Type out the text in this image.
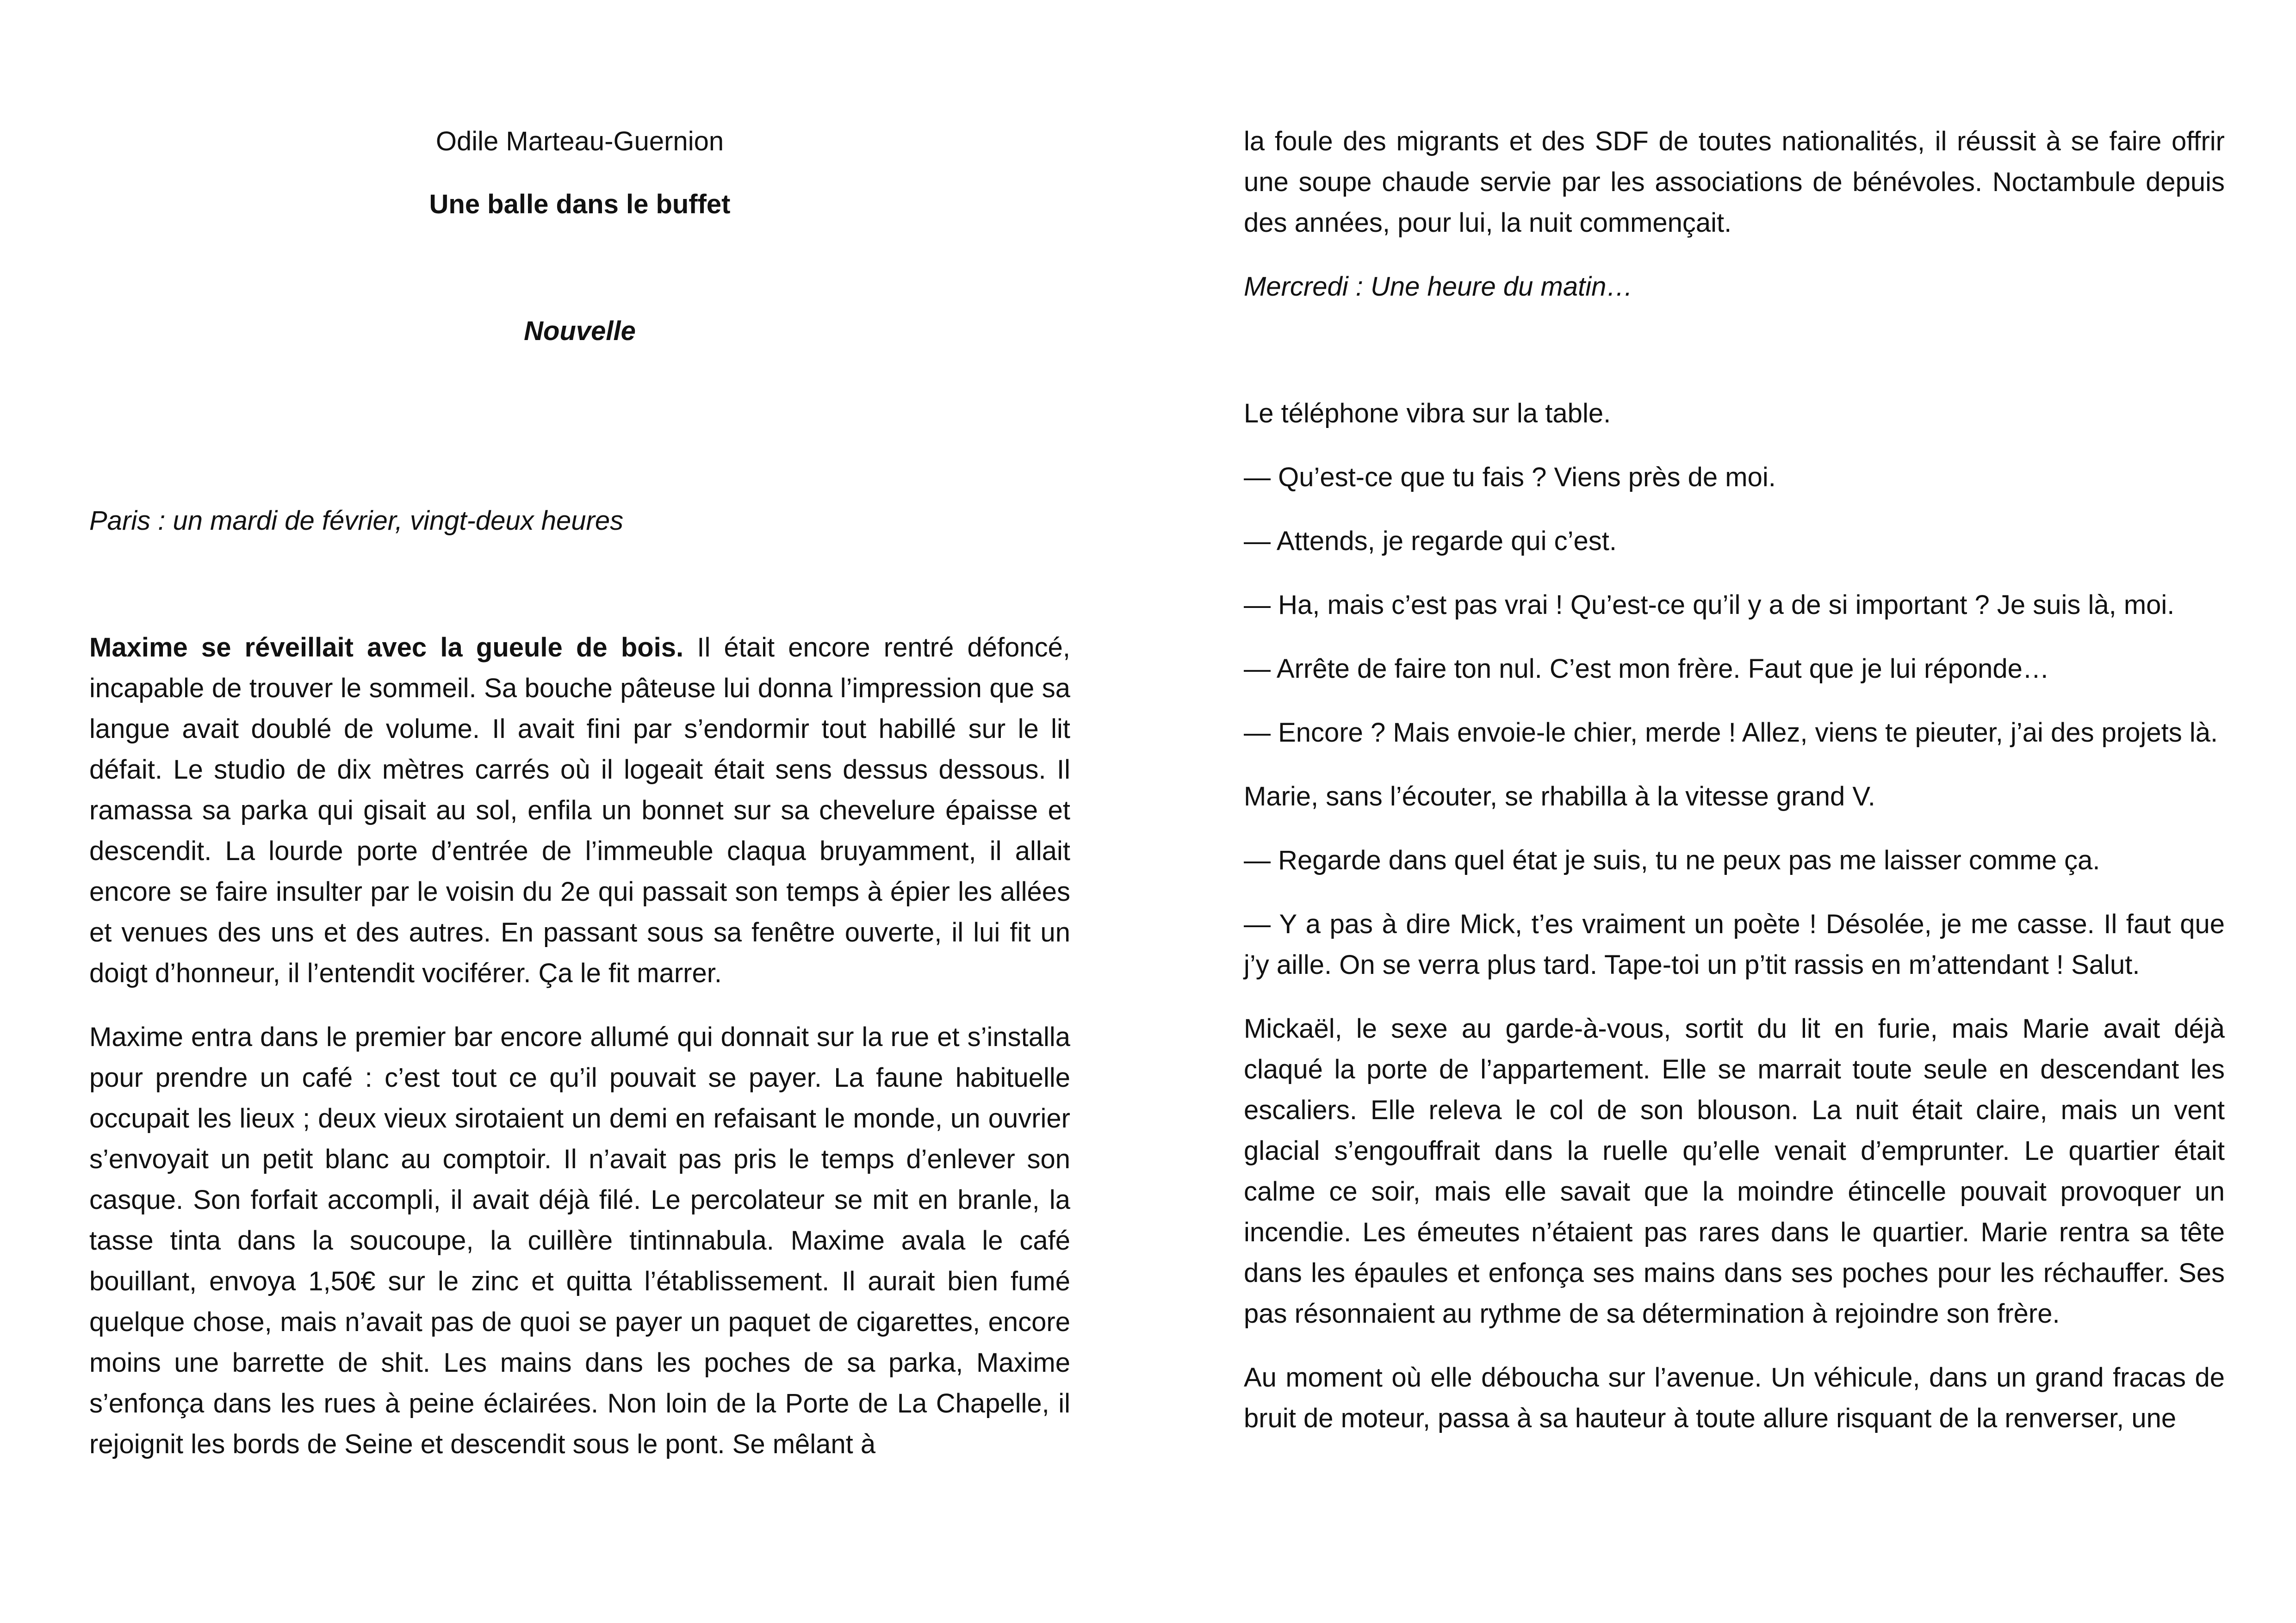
Odile Marteau-Guernion

Une balle dans le buffet

Nouvelle

Paris : un mardi de février, vingt-deux heures

Maxime se réveillait avec la gueule de bois. Il était encore rentré défoncé, incapable de trouver le sommeil. Sa bouche pâteuse lui donna l’impression que sa langue avait doublé de volume. Il avait fini par s’endormir tout habillé sur le lit défait. Le studio de dix mètres carrés où il logeait était sens dessus dessous. Il ramassa sa parka qui gisait au sol, enfila un bonnet sur sa chevelure épaisse et descendit. La lourde porte d’entrée de l’immeuble claqua bruyamment, il allait encore se faire insulter par le voisin du 2e qui passait son temps à épier les allées et venues des uns et des autres. En passant sous sa fenêtre ouverte, il lui fit un doigt d’honneur, il l’entendit vociférer. Ça le fit marrer.

Maxime entra dans le premier bar encore allumé qui donnait sur la rue et s’installa pour prendre un café : c’est tout ce qu’il pouvait se payer. La faune habituelle occupait les lieux ; deux vieux sirotaient un demi en refaisant le monde, un ouvrier s’envoyait un petit blanc au comptoir. Il n’avait pas pris le temps d’enlever son casque. Son forfait accompli, il avait déjà filé. Le percolateur se mit en branle, la tasse tinta dans la soucoupe, la cuillère tintinnabula. Maxime avala le café bouillant, envoya 1,50€ sur le zinc et quitta l’établissement. Il aurait bien fumé quelque chose, mais n’avait pas de quoi se payer un paquet de cigarettes, encore moins une barrette de shit. Les mains dans les poches de sa parka, Maxime s’enfonça dans les rues à peine éclairées. Non loin de la Porte de La Chapelle, il rejoignit les bords de Seine et descendit sous le pont. Se mêlant à

la foule des migrants et des SDF de toutes nationalités, il réussit à se faire offrir une soupe chaude servie par les associations de bénévoles. Noctambule depuis des années, pour lui, la nuit commençait.

Mercredi : Une heure du matin…

Le téléphone vibra sur la table.

— Qu’est-ce que tu fais ? Viens près de moi.

— Attends, je regarde qui c’est.

— Ha, mais c’est pas vrai ! Qu’est-ce qu’il y a de si important ? Je suis là, moi.

— Arrête de faire ton nul. C’est mon frère. Faut que je lui réponde…

— Encore ? Mais envoie-le chier, merde ! Allez, viens te pieuter, j’ai des projets là.

Marie, sans l’écouter, se rhabilla à la vitesse grand V.

— Regarde dans quel état je suis, tu ne peux pas me laisser comme ça.

— Y a pas à dire Mick, t’es vraiment un poète ! Désolée, je me casse. Il faut que j’y aille. On se verra plus tard. Tape-toi un p’tit rassis en m’attendant ! Salut.

Mickaël, le sexe au garde-à-vous, sortit du lit en furie, mais Marie avait déjà claqué la porte de l’appartement. Elle se marrait toute seule en descendant les escaliers. Elle releva le col de son blouson. La nuit était claire, mais un vent glacial s’engouffrait dans la ruelle qu’elle venait d’emprunter. Le quartier était calme ce soir, mais elle savait que la moindre étincelle pouvait provoquer un incendie. Les émeutes n’étaient pas rares dans le quartier. Marie rentra sa tête dans les épaules et enfonça ses mains dans ses poches pour les réchauffer. Ses pas résonnaient au rythme de sa détermination à rejoindre son frère.

Au moment où elle déboucha sur l’avenue. Un véhicule, dans un grand fracas de bruit de moteur, passa à sa hauteur à toute allure risquant de la renverser, une
